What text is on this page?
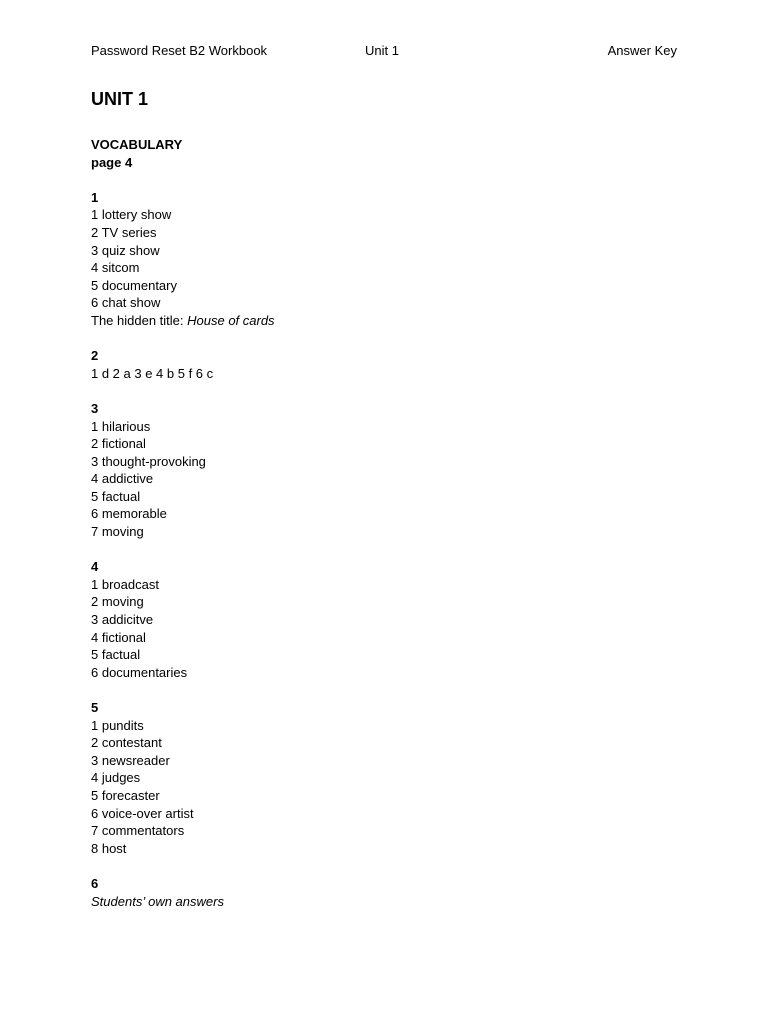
Password Reset B2 Workbook	Unit 1	Answer Key
UNIT 1
VOCABULARY
page 4
1
1 lottery show
2 TV series
3 quiz show
4 sitcom
5 documentary
6 chat show
The hidden title: House of cards
2
1 d 2 a 3 e 4 b 5 f 6 c
3
1 hilarious
2 fictional
3 thought-provoking
4 addictive
5 factual
6 memorable
7 moving
4
1 broadcast
2 moving
3 addicitve
4 fictional
5 factual
6 documentaries
5
1 pundits
2 contestant
3 newsreader
4 judges
5 forecaster
6 voice-over artist
7 commentators
8 host
6
Students’ own answers
